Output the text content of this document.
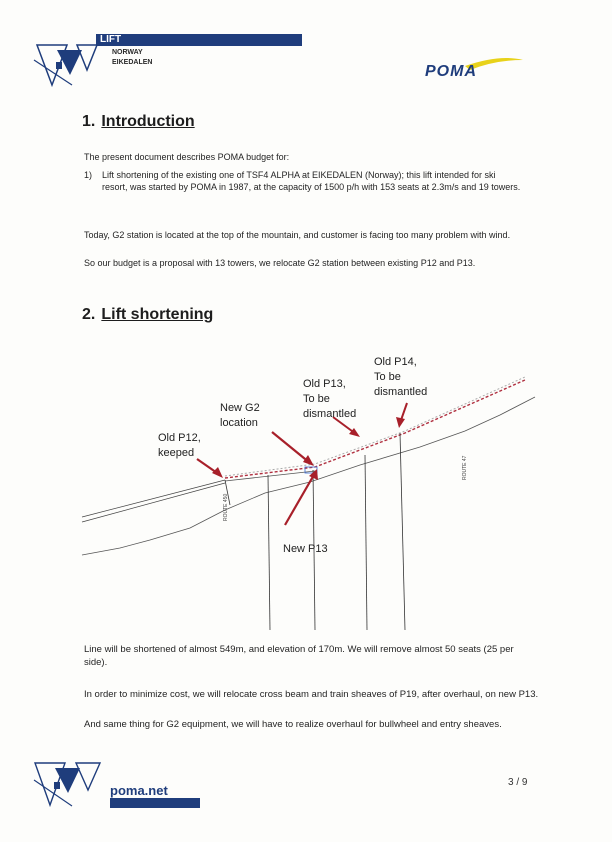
LIFT
NORWAY
EIKEDALEN
POMA
1. Introduction
The present document describes POMA budget for:
1) Lift shortening of the existing one of TSF4 ALPHA at EIKEDALEN (Norway); this lift intended for ski resort, was started by POMA in 1987, at the capacity of 1500 p/h with 153 seats at 2.3m/s and 19 towers.
Today, G2 station is located at the top of the mountain, and customer is facing too many problem with wind.
So our budget is a proposal with 13 towers, we relocate G2 station between existing P12 and P13.
2. Lift shortening
ROUTE 450
ROUTE 47
Old P12,
keeped
New G2
location
Old P13,
To be
dismantled
Old P14,
To be
dismantled
New P13
Line will be shortened of almost 549m, and elevation of 170m. We will remove almost 50 seats (25 per side).
In order to minimize cost, we will relocate cross beam and train sheaves of P19, after overhaul, on new P13.
And same thing for G2 equipment, we will have to realize overhaul for bullwheel and entry sheaves.
poma.net
3 / 9
